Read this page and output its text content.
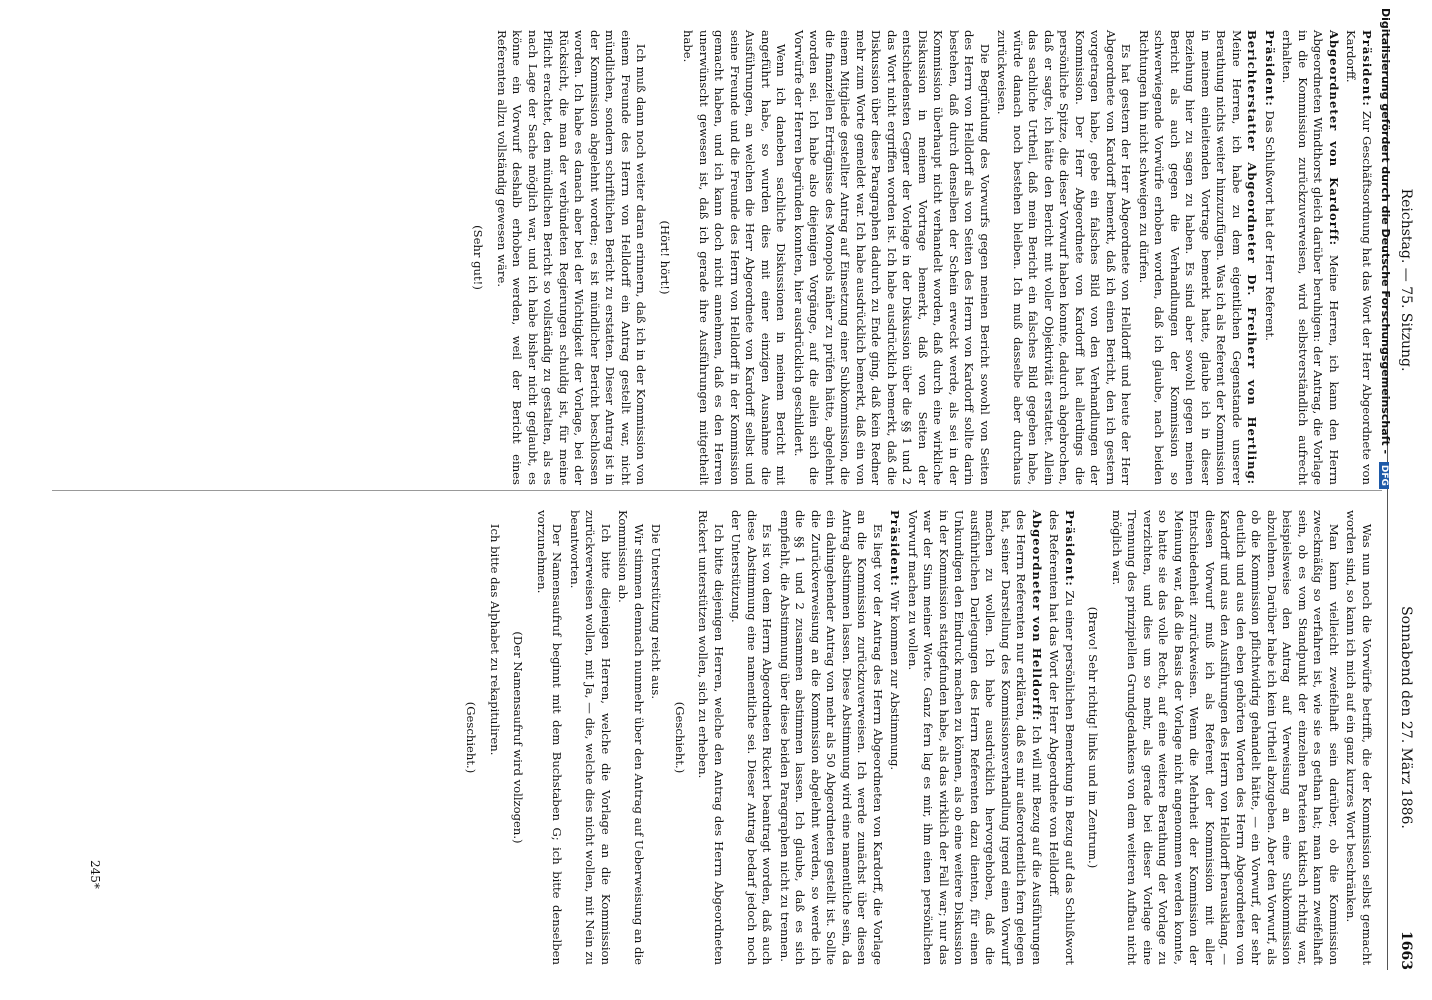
Reichstag. — 75. Sitzung.
Sonnabend den 27. März 1886.
1663

Präsident: Zur Geschäftsordnung hat das Wort der Herr Abgeordnete von Kardorff.

Abgeordneter von Kardorff: Meine Herren, ich kann den Herrn Abgeordneten Windthorst gleich darüber beruhigen: der Antrag, die Vorlage in die Kommission zurückzuverweisen, wird selbstverständlich aufrecht erhalten.

Präsident: Das Schlußwort hat der Herr Referent.

Berichterstatter Abgeordneter Dr. Freiherr von Hertling: Meine Herren, ich habe zu dem eigentlichen Gegenstande unserer Berathung nichts weiter hinzuzufügen. Was ich als Referent der Kommission in meinem einleitenden Vortrage bemerkt hatte, glaube ich in dieser Beziehung hier zu sagen zu haben. Es sind aber sowohl gegen meinen Bericht als auch gegen die Verhandlungen der Kommission so schwerwiegende Vorwürfe erhoben worden, daß ich glaube, nach beiden Richtungen hin nicht schweigen zu dürfen.

Es hat gestern der Herr Abgeordnete von Helldorff und heute der Herr Abgeordnete von Kardorff bemerkt, daß ich einen Bericht, den ich gestern vorgetragen habe, gebe ein falsches Bild von den Verhandlungen der Kommission. Der Herr Abgeordnete von Kardorff hat allerdings die persönliche Spitze, die dieser Vorwurf haben konnte, dadurch abgebrochen, daß er sagte, ich hätte den Bericht mit voller Objektivität erstattet. Allein das sachliche Urtheil, daß mein Bericht ein falsches Bild gegeben habe, würde danach noch bestehen bleiben. Ich muß dasselbe aber durchaus zurückweisen.

Die Begründung des Vorwurfs gegen meinen Bericht sowohl von Seiten des Herrn von Helldorff als von Seiten des Herrn von Kardorff sollte darin bestehen, daß durch denselben der Schein erweckt werde, als sei in der Kommission überhaupt nicht verhandelt worden, daß durch eine wirkliche Diskussion in meinem Vortrage bemerkt, daß von Seiten der entschiedensten Gegner der Vorlage in der Diskussion über die §§ 1 und 2 das Wort nicht ergriffen worden ist. Ich habe ausdrücklich bemerkt, daß die Diskussion über diese Paragraphen dadurch zu Ende ging, daß kein Redner mehr zum Worte gemeldet war. Ich habe ausdrücklich bemerkt, daß ein von einem Mitgliede gestellter Antrag auf Einsetzung einer Subkommission, die die finanziellen Erträgnisse des Monopols näher zu prüfen hätte, abgelehnt worden sei. Ich habe also diejenigen Vorgänge, auf die allein sich die Vorwürfe der Herren begründen konnten, hier ausdrücklich geschildert.

Wenn ich daneben sachliche Diskussionen in meinem Bericht mit angeführt habe, so wurden dies mit einer einzigen Ausnahme die Ausführungen, an welchen die Herr Abgeordnete von Kardorff selbst und seine Freunde und die Freunde des Herrn von Helldorff in der Kommission gemacht haben, und ich kann doch nicht annehmen, daß es den Herren unerwünscht gewesen ist, daß ich gerade ihre Ausführungen mitgetheilt habe.

(Hört! hört!)

Ich muß dann noch weiter daran erinnern, daß ich in der Kommission von einem Freunde des Herrn von Helldorff ein Antrag gestellt war, nicht mündlichen, sondern schriftlichen Bericht zu erstatten. Dieser Antrag ist in der Kommission abgelehnt worden; es ist mündlicher Bericht beschlossen worden. Ich habe es danach aber bei der Wichtigkeit der Vorlage, bei der Rücksicht, die man der verbündeten Regierungen schuldig ist, für meine Pflicht erachtet, den mündlichen Bericht so vollständig zu gestalten, als es nach Lage der Sache möglich war, und ich habe bisher nicht geglaubt, es könne ein Vorwurf deshalb erhoben werden, weil der Bericht eines Referenten allzu vollständig gewesen wäre.

(Sehr gut!)

Was nun noch die Vorwürfe betrifft, die der Kommission selbst gemacht worden sind, so kann ich mich auf ein ganz kurzes Wort beschränken.

Man kann vielleicht zweifelhaft sein darüber, ob die Kommission zweckmäßig so verfahren ist, wie sie es gethan hat; man kann zweifelhaft sein, ob es vom Standpunkt der einzelnen Parteien taktisch richtig war, beispielsweise den Antrag auf Verweisung an eine Subkommission abzulehnen. Darüber habe ich kein Urtheil abzugeben. Aber den Vorwurf, als ob die Kommission pflichtwidrig gehandelt hätte, — ein Vorwurf, der sehr deutlich und aus den eben gehörten Worten des Herrn Abgeordneten von Kardorff und aus den Ausführungen des Herrn von Helldorff herausklang, — diesen Vorwurf muß ich als Referent der Kommission mit aller Entschiedenheit zurückweisen. Wenn die Mehrheit der Kommission der Meinung war, daß die Basis der Vorlage nicht angenommen werden konnte, so hatte sie das volle Recht, auf eine weitere Berathung der Vorlage zu verzichten, und dies um so mehr, als gerade bei dieser Vorlage eine Trennung des prinzipiellen Grundgedankens von dem weiteren Aufbau nicht möglich war.

(Bravo! Sehr richtig! links und im Zentrum.)

Präsident: Zu einer persönlichen Bemerkung in Bezug auf das Schlußwort des Referenten hat das Wort der Herr Abgeordnete von Helldorff.

Abgeordneter von Helldorff: Ich will mit Bezug auf die Ausführungen des Herrn Referenten nur erklären, daß es mir außerordentlich fern gelegen hat, seiner Darstellung des Kommissionsverhandlung irgend einen Vorwurf machen zu wollen. Ich habe ausdrücklich hervorgehoben, daß die ausführlichen Darlegungen des Herrn Referenten dazu dienten, für einen Unkundigen den Eindruck machen zu können, als ob eine weitere Diskussion in der Kommission stattgefunden habe, als das wirklich der Fall war; nur das war der Sinn meiner Worte. Ganz fern lag es mir, ihm einen persönlichen Vorwurf machen zu wollen.

Präsident: Wir kommen zur Abstimmung.

Es liegt vor der Antrag des Herrn Abgeordneten von Kardorff, die Vorlage an die Kommission zurückzuverweisen. Ich werde zunächst über diesen Antrag abstimmen lassen. Diese Abstimmung wird eine namentliche sein, da ein dahingehender Antrag von mehr als 50 Abgeordneten gestellt ist. Sollte die Zurückverweisung an die Kommission abgelehnt werden, so werde ich die §§ 1 und 2 zusammen abstimmen lassen. Ich glaube, daß es sich empfiehlt, die Abstimmung über diese beiden Paragraphen nicht zu trennen.

Es ist von dem Herrn Abgeordneten Rickert beantragt worden, daß auch diese Abstimmung eine namentliche sei. Dieser Antrag bedarf jedoch noch der Unterstützung.

Ich bitte diejenigen Herren, welche den Antrag des Herrn Abgeordneten Rickert unterstützen wollen, sich zu erheben.

(Geschieht.)

Die Unterstützung reicht aus.

Wir stimmen demnach nunmehr über den Antrag auf Ueberweisung an die Kommission ab.

Ich bitte diejenigen Herren, welche die Vorlage an die Kommission zurückverweisen wollen, mit Ja, — die, welche dies nicht wollen, mit Nein zu beantworten.

Der Namensaufruf beginnt mit dem Buchstaben G; ich bitte denselben vorzunehmen.

(Der Namensaufruf wird vollzogen.)

Ich bitte das Alphabet zu rekapituliren.

(Geschieht.)

245*
Digitalisierung gefördert durch die Deutsche Forschungsgemeinschaft - DFG
